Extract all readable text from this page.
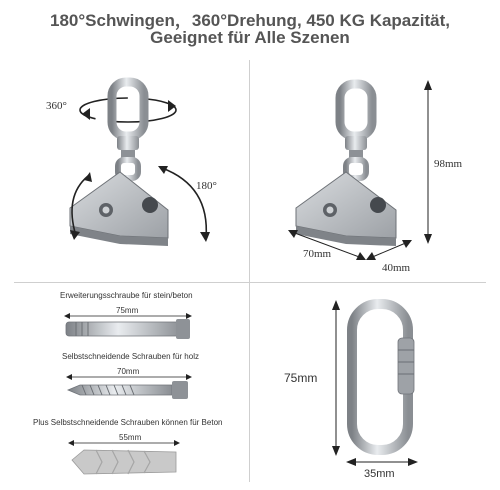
180°Schwingen，360°Drehung, 450 KG Kapazität,
Geeignet für Alle Szenen
360°
180°
98mm
70mm
40mm
Erweiterungsschraube für stein/beton
75mm
Selbstschneidende Schrauben für holz
70mm
Plus Selbstschneidende Schrauben können für Beton
55mm
75mm
35mm
